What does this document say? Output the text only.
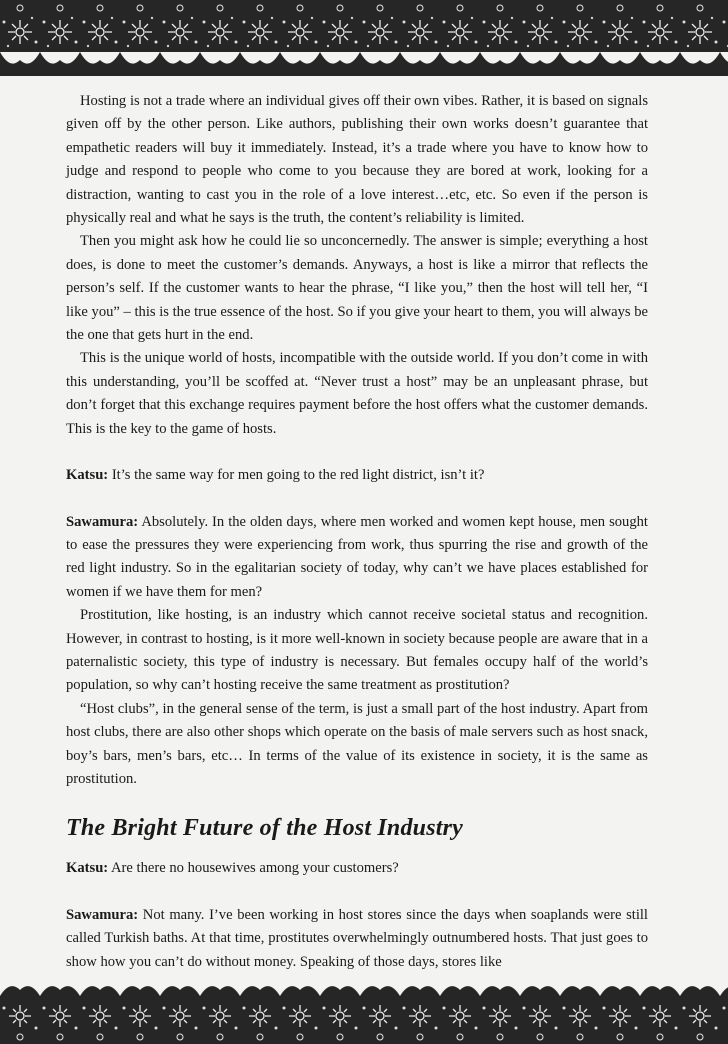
Hosting is not a trade where an individual gives off their own vibes. Rather, it is based on signals given off by the other person. Like authors, publishing their own works doesn’t guarantee that empathetic readers will buy it immediately. Instead, it’s a trade where you have to know how to judge and respond to people who come to you because they are bored at work, looking for a distraction, wanting to cast you in the role of a love interest…etc, etc. So even if the person is physically real and what he says is the truth, the content’s reliability is limited.

Then you might ask how he could lie so unconcernedly. The answer is simple; everything a host does, is done to meet the customer’s demands. Anyways, a host is like a mirror that reflects the person’s self. If the customer wants to hear the phrase, “I like you,” then the host will tell her, “I like you” – this is the true essence of the host. So if you give your heart to them, you will always be the one that gets hurt in the end.

This is the unique world of hosts, incompatible with the outside world. If you don’t come in with this understanding, you’ll be scoffed at. “Never trust a host” may be an unpleasant phrase, but don’t forget that this exchange requires payment before the host offers what the customer demands. This is the key to the game of hosts.

Katsu: It’s the same way for men going to the red light district, isn’t it?

Sawamura: Absolutely. In the olden days, where men worked and women kept house, men sought to ease the pressures they were experiencing from work, thus spurring the rise and growth of the red light industry. So in the egalitarian society of today, why can’t we have places established for women if we have them for men?

Prostitution, like hosting, is an industry which cannot receive societal status and recognition. However, in contrast to hosting, is it more well-known in society because people are aware that in a paternalistic society, this type of industry is necessary. But females occupy half of the world’s population, so why can’t hosting receive the same treatment as prostitution?

“Host clubs”, in the general sense of the term, is just a small part of the host industry. Apart from host clubs, there are also other shops which operate on the basis of male servers such as host snack, boy’s bars, men’s bars, etc… In terms of the value of its existence in society, it is the same as prostitution.

The Bright Future of the Host Industry

Katsu: Are there no housewives among your customers?

Sawamura: Not many. I’ve been working in host stores since the days when soaplands were still called Turkish baths. At that time, prostitutes overwhelmingly outnumbered hosts. That just goes to show how you can’t do without money. Speaking of those days, stores like
